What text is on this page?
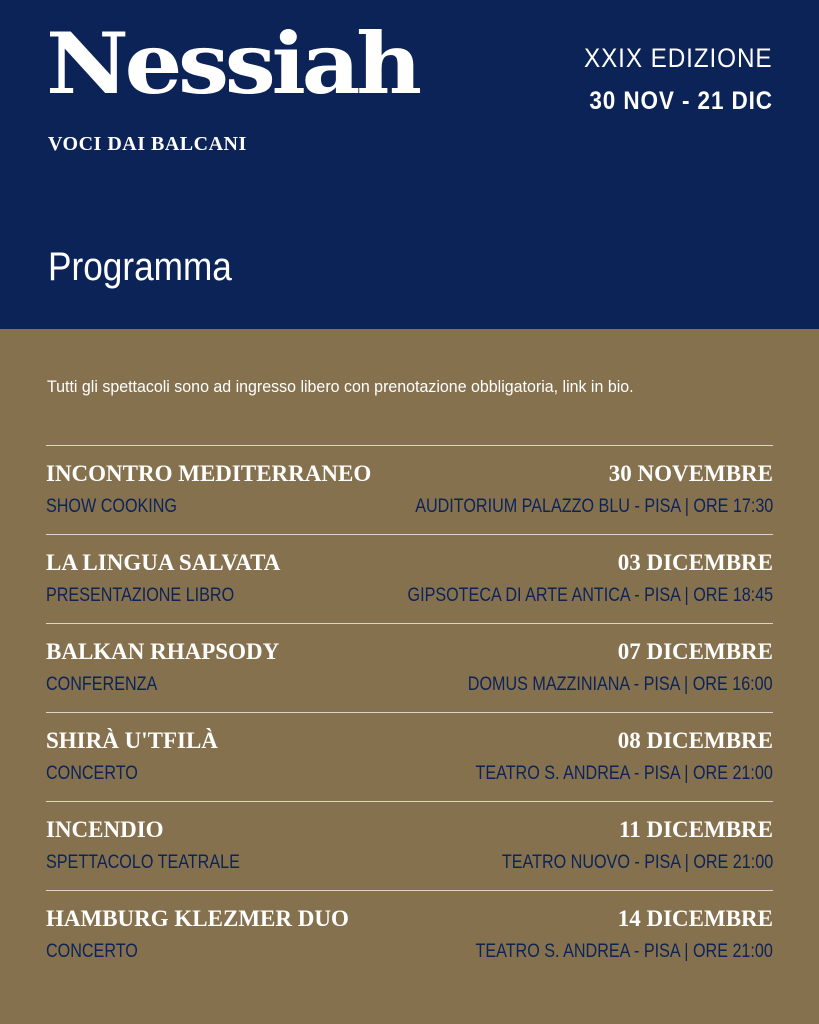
Nessiah
VOCI DAI BALCANI
XXIX EDIZIONE
30 NOV - 21 DIC
Programma
Tutti gli spettacoli sono ad ingresso libero con prenotazione obbligatoria, link in bio.
INCONTRO MEDITERRANEO	30 NOVEMBRE
SHOW COOKING	AUDITORIUM PALAZZO BLU - PISA | ORE 17:30
LA LINGUA SALVATA	03 DICEMBRE
PRESENTAZIONE LIBRO	GIPSOTECA DI ARTE ANTICA - PISA | ORE 18:45
BALKAN RHAPSODY	07 DICEMBRE
CONFERENZA	DOMUS MAZZINIANA - PISA | ORE 16:00
SHIRÀ U'TFILÀ	08 DICEMBRE
CONCERTO	TEATRO S. ANDREA - PISA | ORE 21:00
INCENDIO	11 DICEMBRE
SPETTACOLO TEATRALE	TEATRO NUOVO - PISA | ORE 21:00
HAMBURG KLEZMER DUO	14 DICEMBRE
CONCERTO	TEATRO S. ANDREA - PISA | ORE 21:00
